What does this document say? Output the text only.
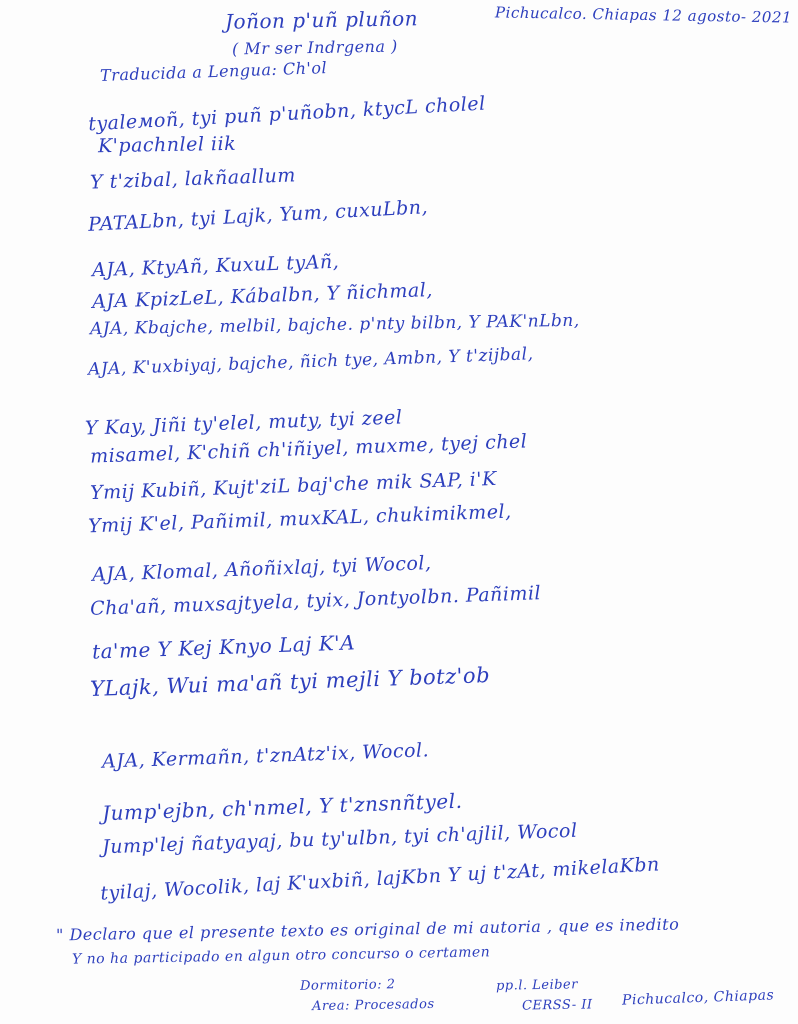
Joñon p'uñ pluñon
( Mr ser Indrgena )
Pichucalco. Chiapas 12 agosto- 2021
Traducida a Lengua: Ch'ol
tyaleмоñ, tyi puñ p'uñobn, ktycL cholel
K'pachnlel iik
Y t'zibal, lakñaallum
PATALbn, tyi Lajk, Yum, cuxuLbn,
AJA, KtyAñ, KuxuL tyAñ,
AJA KpizLeL, Kábalbn, Y ñichmal,
AJA, Kbajche, melbil, bajche. p'nty bilbn, Y PAK'nLbn,
AJA, K'uxbiyaj, bajche, ñich tye, Ambn, Y t'zijbal,
Y Kay, Jiñi ty'elel, muty, tyi zeel
misamel, K'chiñ ch'iñiyel, muxme, tyej chel
Ymij Kubiñ, Kujt'ziL baj'che mik SAP, i'K
Ymij K'el, Pañimil, muxKAL, chukimikmel,
AJA, Klomal, Añoñixlaj, tyi Wocol,
Cha'añ, muxsajtyela, tyix, Jontyolbn. Pañimil
ta'me Y Kej Knyo Laj K'A
YLajk, Wui ma'añ tyi mejli Y botz'ob
AJA, Kermañn, t'znAtz'ix, Wocol.
Jump'ejbn, ch'nmel, Y t'znsnñtyel.
Jump'lej ñatyayaj, bu ty'ulbn, tyi ch'ajlil, Wocol
tyilaj, Wocolik, laj K'uxbiñ, lajKbn Y uj t'zAt, mikelaKbn
" Declaro que el presente texto es original de mi autoria , que es inedito
Y no ha participado en algun otro concurso o certamen
Dormitorio: 2
Area: Procesados
pp.l. Leiber
CERSS- II Pichucalco, Chiapas
